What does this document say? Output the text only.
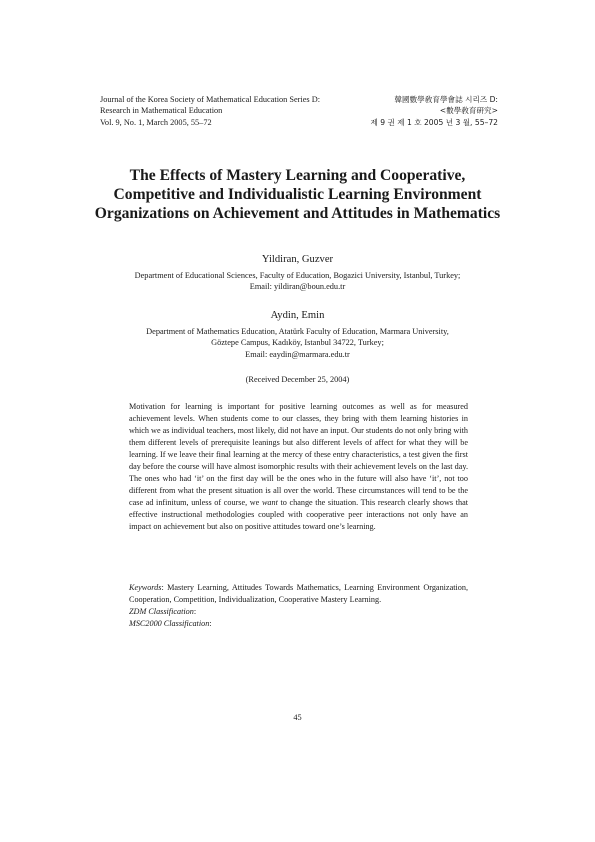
Journal of the Korea Society of Mathematical Education Series D:
Research in Mathematical Education
Vol. 9, No. 1, March 2005, 55–72
韓國數學敎育學會誌 시리즈 D:
<數學敎育硏究>
제 9 권 제 1 호 2005 년 3 월, 55–72
The Effects of Mastery Learning and Cooperative, Competitive and Individualistic Learning Environment Organizations on Achievement and Attitudes in Mathematics
Yildiran, Guzver
Department of Educational Sciences, Faculty of Education, Bogazici University, Istanbul, Turkey;
Email: yildiran@boun.edu.tr
Aydin, Emin
Department of Mathematics Education, Atatürk Faculty of Education, Marmara University,
Göztepe Campus, Kadıköy, Istanbul 34722, Turkey;
Email: eaydin@marmara.edu.tr
(Received December 25, 2004)
Motivation for learning is important for positive learning outcomes as well as for measured achievement levels. When students come to our classes, they bring with them learning histories in which we as individual teachers, most likely, did not have an input. Our students do not only bring with them different levels of prerequisite leanings but also different levels of affect for what they will be learning. If we leave their final learning at the mercy of these entry characteristics, a test given the first day before the course will have almost isomorphic results with their achievement levels on the last day. The ones who had ‘it’ on the first day will be the ones who in the future will also have ‘it’, not too different from what the present situation is all over the world. These circumstances will tend to be the case ad infinitum, unless of course, we want to change the situation. This research clearly shows that effective instructional methodologies coupled with cooperative peer interactions not only have an impact on achievement but also on positive attitudes toward one’s learning.
Keywords: Mastery Learning, Attitudes Towards Mathematics, Learning Environment Organization, Cooperation, Competition, Individualization, Cooperative Mastery Learning.
ZDM Classification:
MSC2000 Classification:
45
